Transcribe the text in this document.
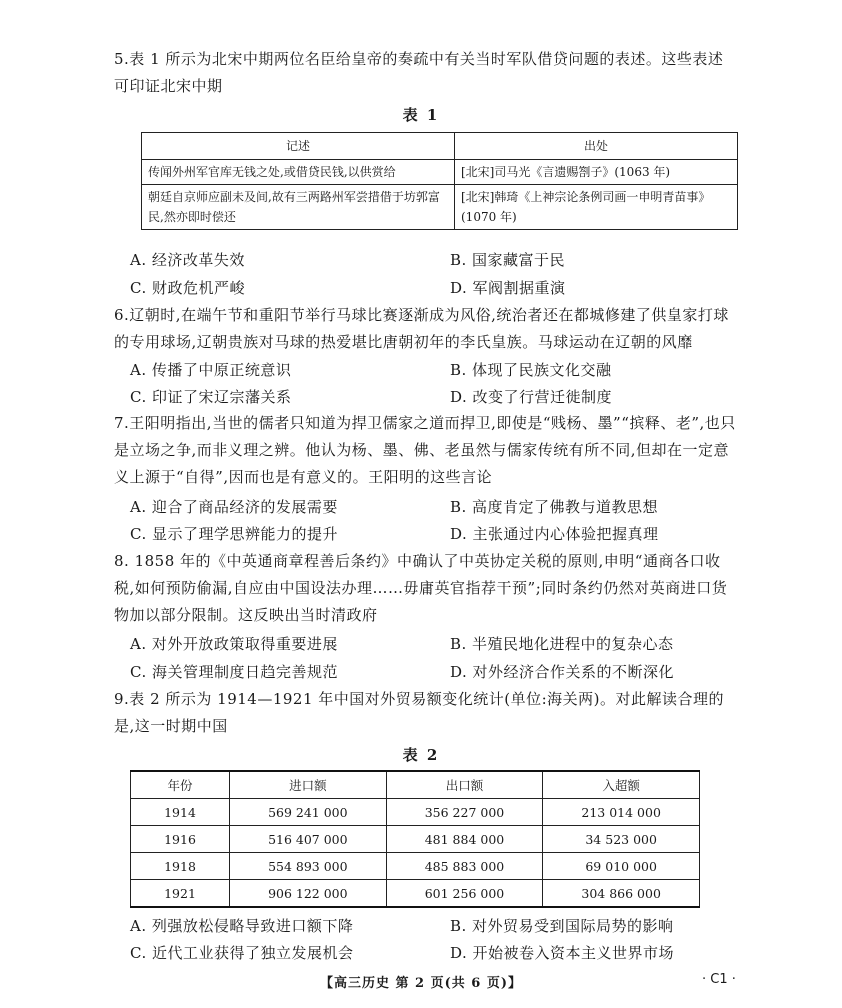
5.表 1 所示为北宋中期两位名臣给皇帝的奏疏中有关当时军队借贷问题的表述。这些表述可印证北宋中期
表 1
记述	出处
传闻外州军官库无钱之处,或借贷民钱,以供赏给	[北宋]司马光《言遗赐劄子》(1063 年)
朝廷自京师应副未及间,故有三两路州军尝措借于坊郭富民,然亦即时偿还	[北宋]韩琦《上神宗论条例司画一申明青苗事》(1070 年)
A. 经济改革失效	B. 国家藏富于民
C. 财政危机严峻	D. 军阀割据重演
6.辽朝时,在端午节和重阳节举行马球比赛逐渐成为风俗,统治者还在都城修建了供皇家打球的专用球场,辽朝贵族对马球的热爱堪比唐朝初年的李氏皇族。马球运动在辽朝的风靡
A. 传播了中原正统意识	B. 体现了民族文化交融
C. 印证了宋辽宗藩关系	D. 改变了行营迁徙制度
7.王阳明指出,当世的儒者只知道为捍卫儒家之道而捍卫,即使是“贱杨、墨”“摈释、老”,也只是立场之争,而非义理之辨。他认为杨、墨、佛、老虽然与儒家传统有所不同,但却在一定意义上源于“自得”,因而也是有意义的。王阳明的这些言论
A. 迎合了商品经济的发展需要	B. 高度肯定了佛教与道教思想
C. 显示了理学思辨能力的提升	D. 主张通过内心体验把握真理
8. 1858 年的《中英通商章程善后条约》中确认了中英协定关税的原则,申明“通商各口收税,如何预防偷漏,自应由中国设法办理……毋庸英官指荐干预”;同时条约仍然对英商进口货物加以部分限制。这反映出当时清政府
A. 对外开放政策取得重要进展	B. 半殖民地化进程中的复杂心态
C. 海关管理制度日趋完善规范	D. 对外经济合作关系的不断深化
9.表 2 所示为 1914—1921 年中国对外贸易额变化统计(单位:海关两)。对此解读合理的是,这一时期中国
表 2
年份	进口额	出口额	入超额
1914	569 241 000	356 227 000	213 014 000
1916	516 407 000	481 884 000	34 523 000
1918	554 893 000	485 883 000	69 010 000
1921	906 122 000	601 256 000	304 866 000
A. 列强放松侵略导致进口额下降	B. 对外贸易受到国际局势的影响
C. 近代工业获得了独立发展机会	D. 开始被卷入资本主义世界市场
【高三历史 第 2 页(共 6 页)】	· C1 ·
